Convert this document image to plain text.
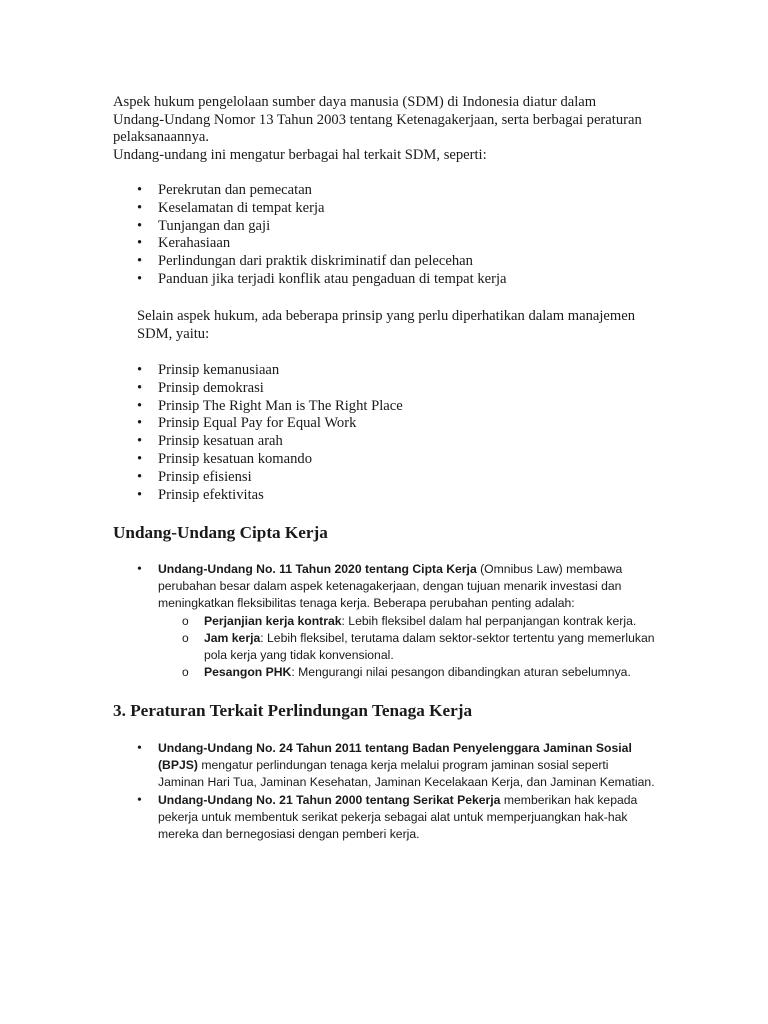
Aspek hukum pengelolaan sumber daya manusia (SDM) di Indonesia diatur dalam Undang-Undang Nomor 13 Tahun 2003 tentang Ketenagakerjaan, serta berbagai peraturan pelaksanaannya.

Undang-undang ini mengatur berbagai hal terkait SDM, seperti:

• Perekrutan dan pemecatan
• Keselamatan di tempat kerja
• Tunjangan dan gaji
• Kerahasiaan
• Perlindungan dari praktik diskriminatif dan pelecehan
• Panduan jika terjadi konflik atau pengaduan di tempat kerja

Selain aspek hukum, ada beberapa prinsip yang perlu diperhatikan dalam manajemen SDM, yaitu:

• Prinsip kemanusiaan
• Prinsip demokrasi
• Prinsip The Right Man is The Right Place
• Prinsip Equal Pay for Equal Work
• Prinsip kesatuan arah
• Prinsip kesatuan komando
• Prinsip efisiensi
• Prinsip efektivitas
Undang-Undang Cipta Kerja
• Undang-Undang No. 11 Tahun 2020 tentang Cipta Kerja (Omnibus Law) membawa perubahan besar dalam aspek ketenagakerjaan, dengan tujuan menarik investasi dan meningkatkan fleksibilitas tenaga kerja. Beberapa perubahan penting adalah:
o Perjanjian kerja kontrak: Lebih fleksibel dalam hal perpanjangan kontrak kerja.
o Jam kerja: Lebih fleksibel, terutama dalam sektor-sektor tertentu yang memerlukan pola kerja yang tidak konvensional.
o Pesangon PHK: Mengurangi nilai pesangon dibandingkan aturan sebelumnya.
3. Peraturan Terkait Perlindungan Tenaga Kerja
• Undang-Undang No. 24 Tahun 2011 tentang Badan Penyelenggara Jaminan Sosial (BPJS) mengatur perlindungan tenaga kerja melalui program jaminan sosial seperti Jaminan Hari Tua, Jaminan Kesehatan, Jaminan Kecelakaan Kerja, dan Jaminan Kematian.
• Undang-Undang No. 21 Tahun 2000 tentang Serikat Pekerja memberikan hak kepada pekerja untuk membentuk serikat pekerja sebagai alat untuk memperjuangkan hak-hak mereka dan bernegosiasi dengan pemberi kerja.
